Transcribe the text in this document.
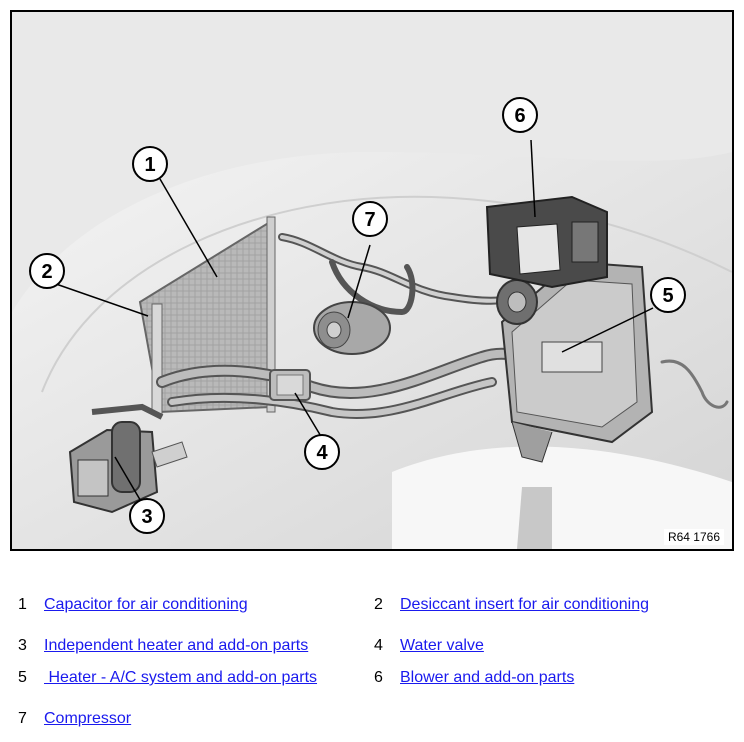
1
2
3
4
5
6
7
R64 1766
1 Capacitor for air conditioning	2 Desiccant insert for air conditioning
3 Independent heater and add-on parts	4 Water valve
5 Heater - A/C system and add-on parts	6 Blower and add-on parts
7 Compressor
